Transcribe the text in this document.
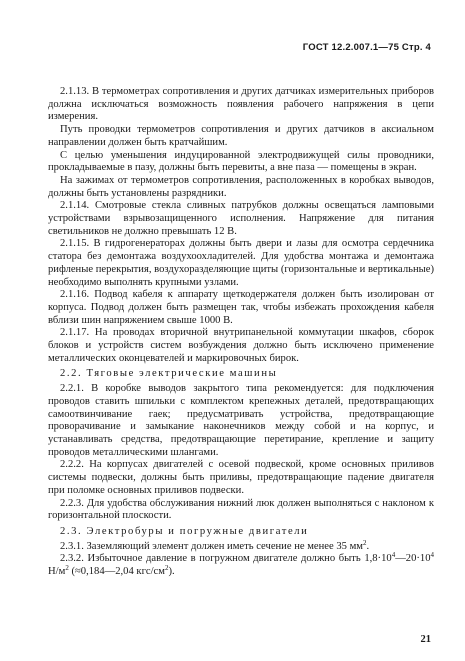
ГОСТ 12.2.007.1—75 Стр. 4

2.1.13. В термометрах сопротивления и других датчиках измерительных приборов должна исключаться возможность появления рабочего напряжения в цепи измерения.

Путь проводки термометров сопротивления и других датчиков в аксиальном направлении должен быть кратчайшим.

С целью уменьшения индуцированной электродвижущей силы проводники, прокладываемые в пазу, должны быть перевиты, а вне паза — помещены в экран.

На зажимах от термометров сопротивления, расположенных в коробках выводов, должны быть установлены разрядники.

2.1.14. Смотровые стекла сливных патрубков должны освещаться ламповыми устройствами взрывозащищенного исполнения. Напряжение для питания светильников не должно превышать 12 В.

2.1.15. В гидрогенераторах должны быть двери и лазы для осмотра сердечника статора без демонтажа воздухоохладителей. Для удобства монтажа и демонтажа рифленые перекрытия, воздухоразделяющие щиты (горизонтальные и вертикальные) необходимо выполнять крупными узлами.

2.1.16. Подвод кабеля к аппарату щеткодержателя должен быть изолирован от корпуса. Подвод должен быть размещен так, чтобы избежать прохождения кабеля вблизи шин напряжением свыше 1000 В.

2.1.17. На проводах вторичной внутрипанельной коммутации шкафов, сборок блоков и устройств систем возбуждения должно быть исключено применение металлических оконцевателей и маркировочных бирок.

2.2. Тяговые электрические машины

2.2.1. В коробке выводов закрытого типа рекомендуется: для подключения проводов ставить шпильки с комплектом крепежных деталей, предотвращающих самоотвинчивание гаек; предусматривать устройства, предотвращающие проворачивание и замыкание наконечников между собой и на корпус, и устанавливать средства, предотвращающие перетирание, крепление и защиту проводов металлическими шлангами.

2.2.2. На корпусах двигателей с осевой подвеской, кроме основных приливов системы подвески, должны быть приливы, предотвращающие падение двигателя при поломке основных приливов подвески.

2.2.3. Для удобства обслуживания нижний люк должен выполняться с наклоном к горизонтальной плоскости.

2.3. Электробуры и погружные двигатели

2.3.1. Заземляющий элемент должен иметь сечение не менее 35 $мм^2$.

2.3.2. Избыточное давление в погружном двигателе должно быть $1,8\cdot 10^4—20\cdot 10^4$ $Н/м^2$ (≈0,184—2,04 кгс/$см^2$).

21
